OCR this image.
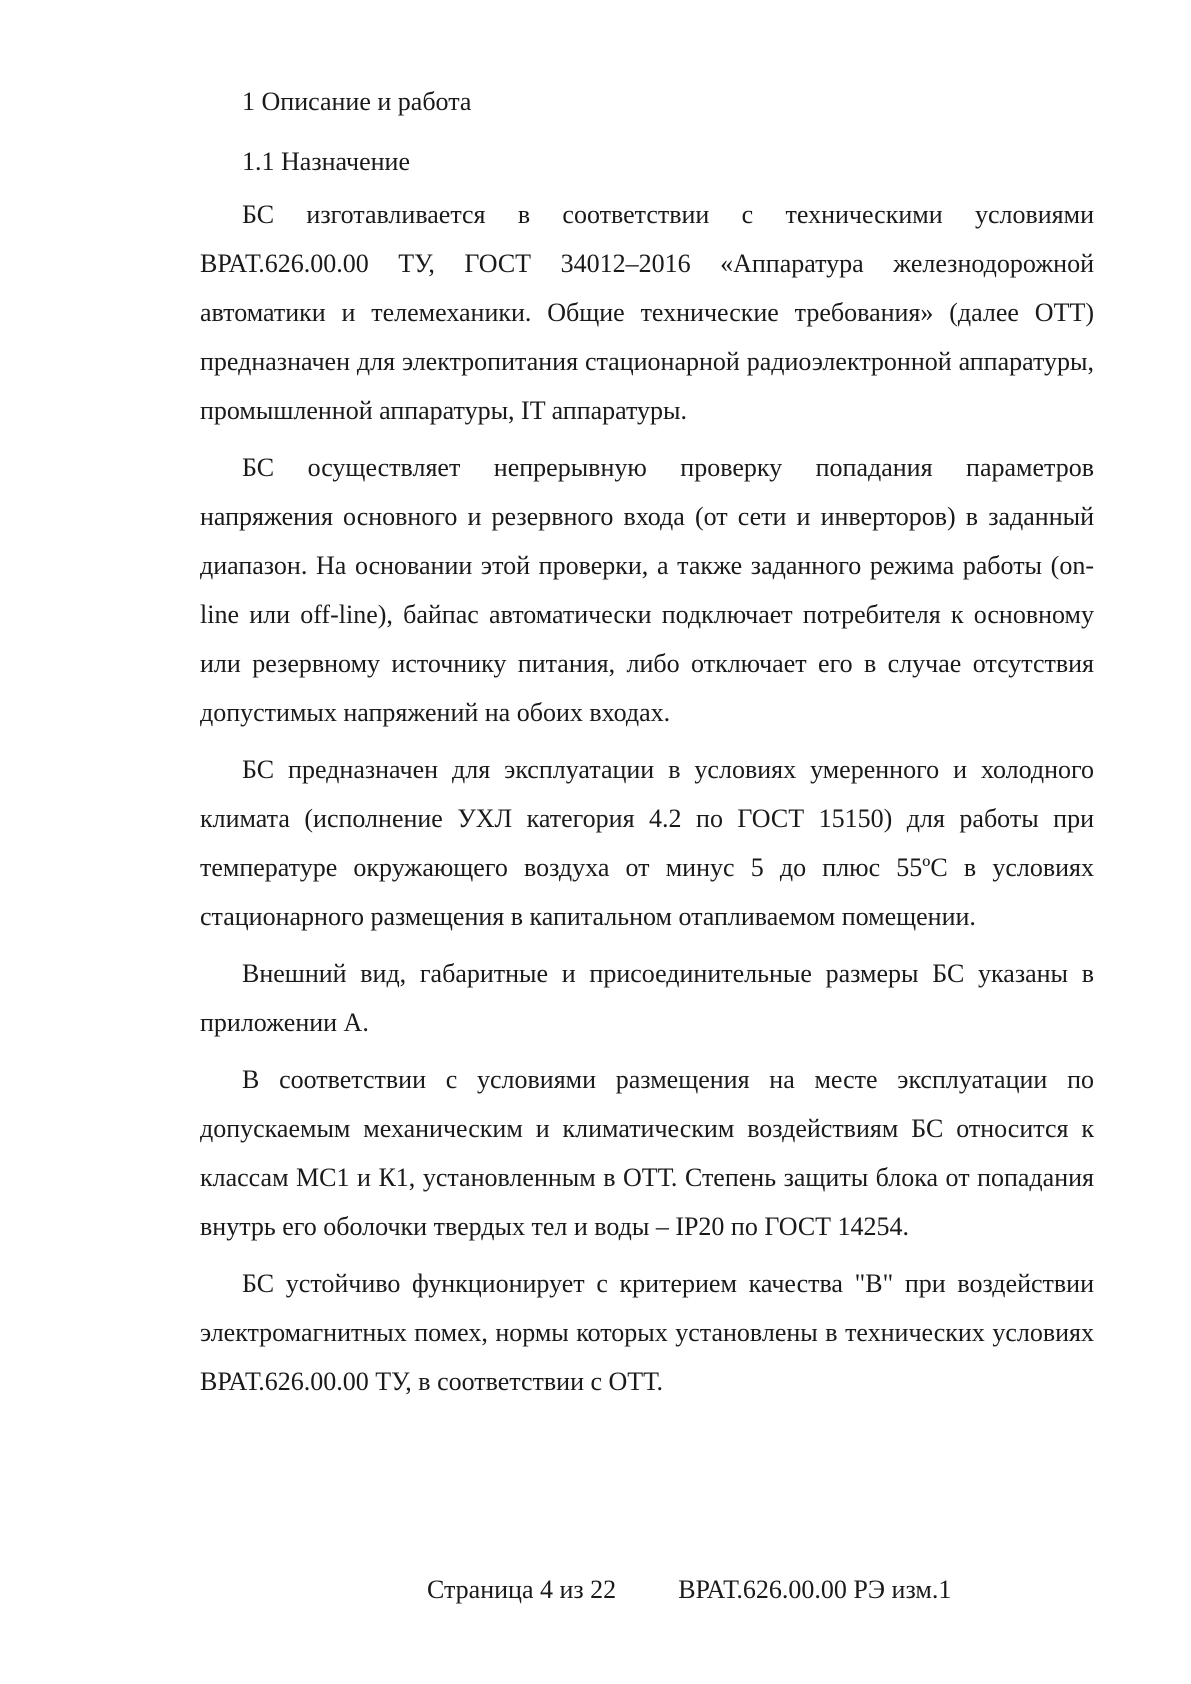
1 Описание и работа

1.1 Назначение

БС изготавливается в соответствии с техническими условиями ВРАТ.626.00.00 ТУ, ГОСТ 34012–2016 «Аппаратура железнодорожной автоматики и телемеханики. Общие технические требования» (далее ОТТ) предназначен для электропитания стационарной радиоэлектронной аппаратуры, промышленной аппаратуры, IT аппаратуры.

БС осуществляет непрерывную проверку попадания параметров напряжения основного и резервного входа (от сети и инверторов) в заданный диапазон. На основании этой проверки, а также заданного режима работы (on-line или off-line), байпас автоматически подключает потребителя к основному или резервному источнику питания, либо отключает его в случае отсутствия допустимых напряжений на обоих входах.

БС предназначен для эксплуатации в условиях умеренного и холодного климата (исполнение УХЛ категория 4.2 по ГОСТ 15150) для работы при температуре окружающего воздуха от минус 5 до плюс 55ºС в условиях стационарного размещения в капитальном отапливаемом помещении.

Внешний вид, габаритные и присоединительные размеры БС указаны в приложении А.

В соответствии с условиями размещения на месте эксплуатации по допускаемым механическим и климатическим воздействиям БС относится к классам МС1 и К1, установленным в ОТТ. Степень защиты блока от попадания внутрь его оболочки твердых тел и воды – IP20 по ГОСТ 14254.

БС устойчиво функционирует с критерием качества "В" при воздействии электромагнитных помех, нормы которых установлены в технических условиях ВРАТ.626.00.00 ТУ, в соответствии с ОТТ.

Страница 4 из 22 ВРАТ.626.00.00 РЭ изм.1
